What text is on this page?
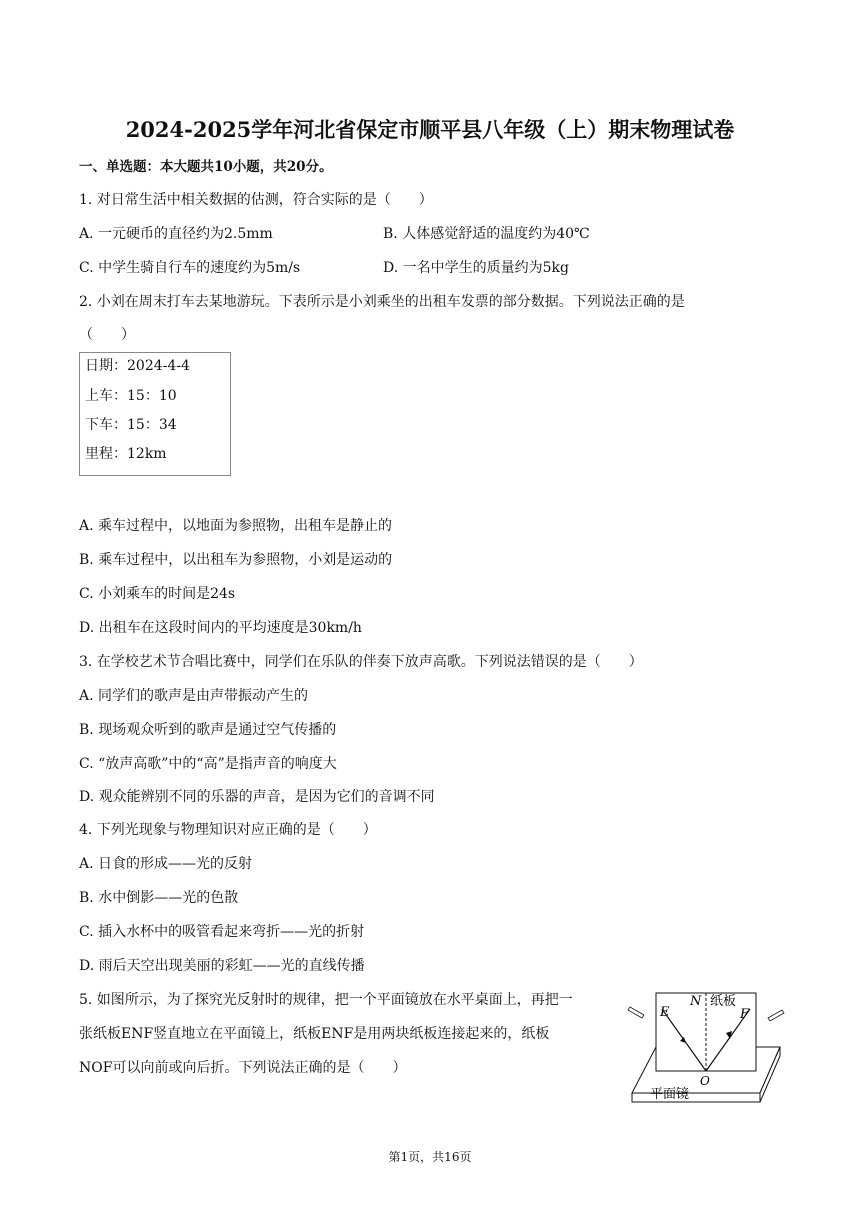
2024-2025学年河北省保定市顺平县八年级（上）期末物理试卷
一、单选题：本大题共10小题，共20分。
1. 对日常生活中相关数据的估测，符合实际的是（　　）
A. 一元硬币的直径约为2.5mm	B. 人体感觉舒适的温度约为40℃
C. 中学生骑自行车的速度约为5m/s	D. 一名中学生的质量约为5kg
2. 小刘在周末打车去某地游玩。下表所示是小刘乘坐的出租车发票的部分数据。下列说法正确的是
（　　）
日期：2024-4-4
上车：15：10
下车：15：34
里程：12km
A. 乘车过程中，以地面为参照物，出租车是静止的
B. 乘车过程中，以出租车为参照物，小刘是运动的
C. 小刘乘车的时间是24s
D. 出租车在这段时间内的平均速度是30km/h
3. 在学校艺术节合唱比赛中，同学们在乐队的伴奏下放声高歌。下列说法错误的是（　　）
A. 同学们的歌声是由声带振动产生的
B. 现场观众听到的歌声是通过空气传播的
C. “放声高歌”中的“高”是指声音的响度大
D. 观众能辨别不同的乐器的声音，是因为它们的音调不同
4. 下列光现象与物理知识对应正确的是（　　）
A. 日食的形成——光的反射
B. 水中倒影——光的色散
C. 插入水杯中的吸管看起来弯折——光的折射
D. 雨后天空出现美丽的彩虹——光的直线传播
5. 如图所示，为了探究光反射时的规律，把一个平面镜放在水平桌面上，再把一
张纸板ENF竖直地立在平面镜上，纸板ENF是用两块纸板连接起来的，纸板
NOF可以向前或向后折。下列说法正确的是（　　）
E
N 纸板
F
O
平面镜
第1页，共16页
